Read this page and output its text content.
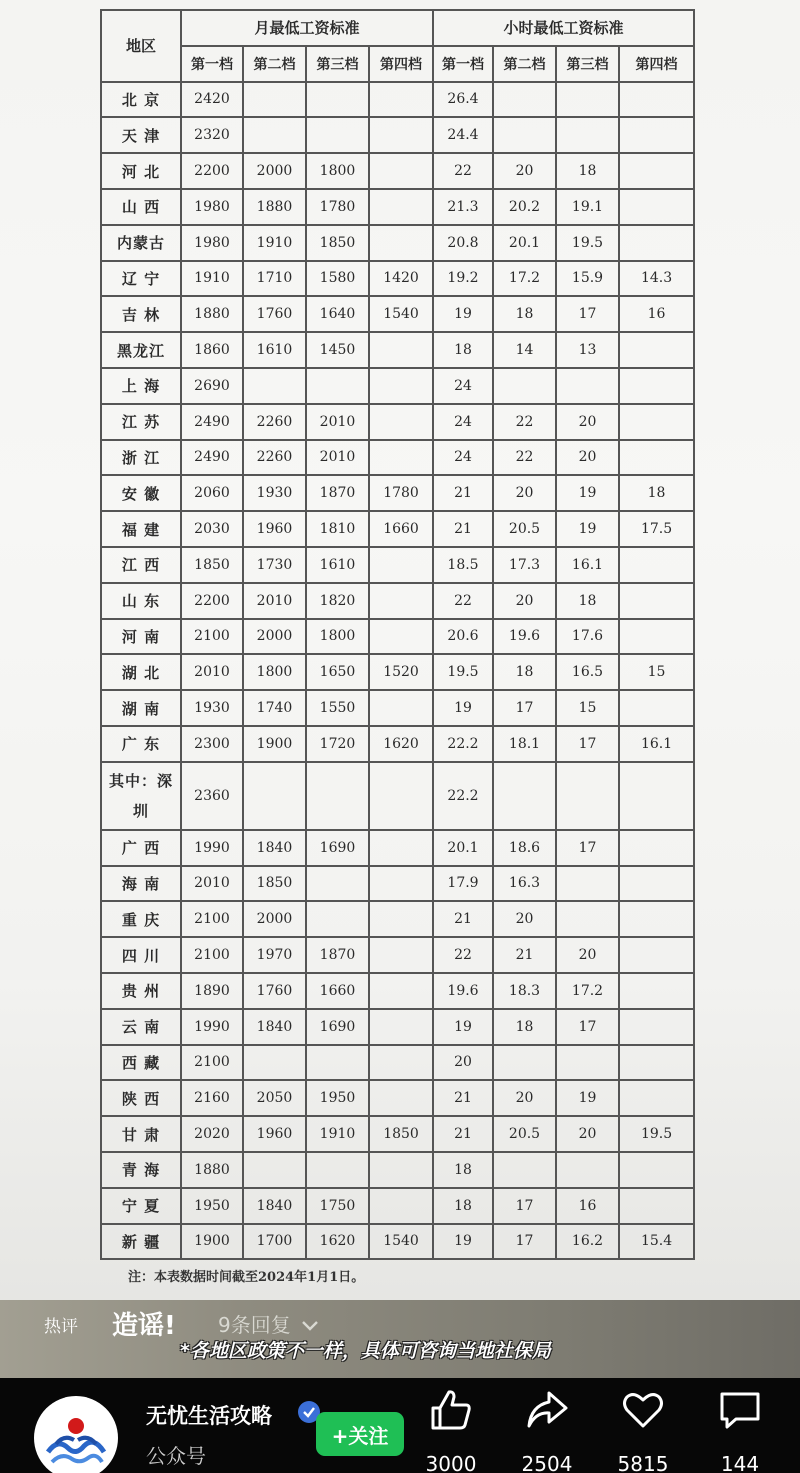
地区	月最低工资标准				小时最低工资标准			
	第一档	第二档	第三档	第四档	第一档	第二档	第三档	第四档
北 京	2420				26.4			
天 津	2320				24.4			
河 北	2200	2000	1800		22	20	18	
山 西	1980	1880	1780		21.3	20.2	19.1	
内蒙古	1980	1910	1850		20.8	20.1	19.5	
辽 宁	1910	1710	1580	1420	19.2	17.2	15.9	14.3
吉 林	1880	1760	1640	1540	19	18	17	16
黑龙江	1860	1610	1450		18	14	13	
上 海	2690				24			
江 苏	2490	2260	2010		24	22	20	
浙 江	2490	2260	2010		24	22	20	
安 徽	2060	1930	1870	1780	21	20	19	18
福 建	2030	1960	1810	1660	21	20.5	19	17.5
江 西	1850	1730	1610		18.5	17.3	16.1	
山 东	2200	2010	1820		22	20	18	
河 南	2100	2000	1800		20.6	19.6	17.6	
湖 北	2010	1800	1650	1520	19.5	18	16.5	15
湖 南	1930	1740	1550		19	17	15	
广 东	2300	1900	1720	1620	22.2	18.1	17	16.1
其中：深圳	2360				22.2			
广 西	1990	1840	1690		20.1	18.6	17	
海 南	2010	1850			17.9	16.3		
重 庆	2100	2000			21	20		
四 川	2100	1970	1870		22	21	20	
贵 州	1890	1760	1660		19.6	18.3	17.2	
云 南	1990	1840	1690		19	18	17	
西 藏	2100				20			
陕 西	2160	2050	1950		21	20	19	
甘 肃	2020	1960	1910	1850	21	20.5	20	19.5
青 海	1880				18			
宁 夏	1950	1840	1750		18	17	16	
新 疆	1900	1700	1620	1540	19	17	16.2	15.4
注：本表数据时间截至2024年1月1日。
热评 造谣! 9条回复
*各地区政策不一样，具体可咨询当地社保局
无忧生活攻略
公众号
+关注
3000	2504	5815	144
